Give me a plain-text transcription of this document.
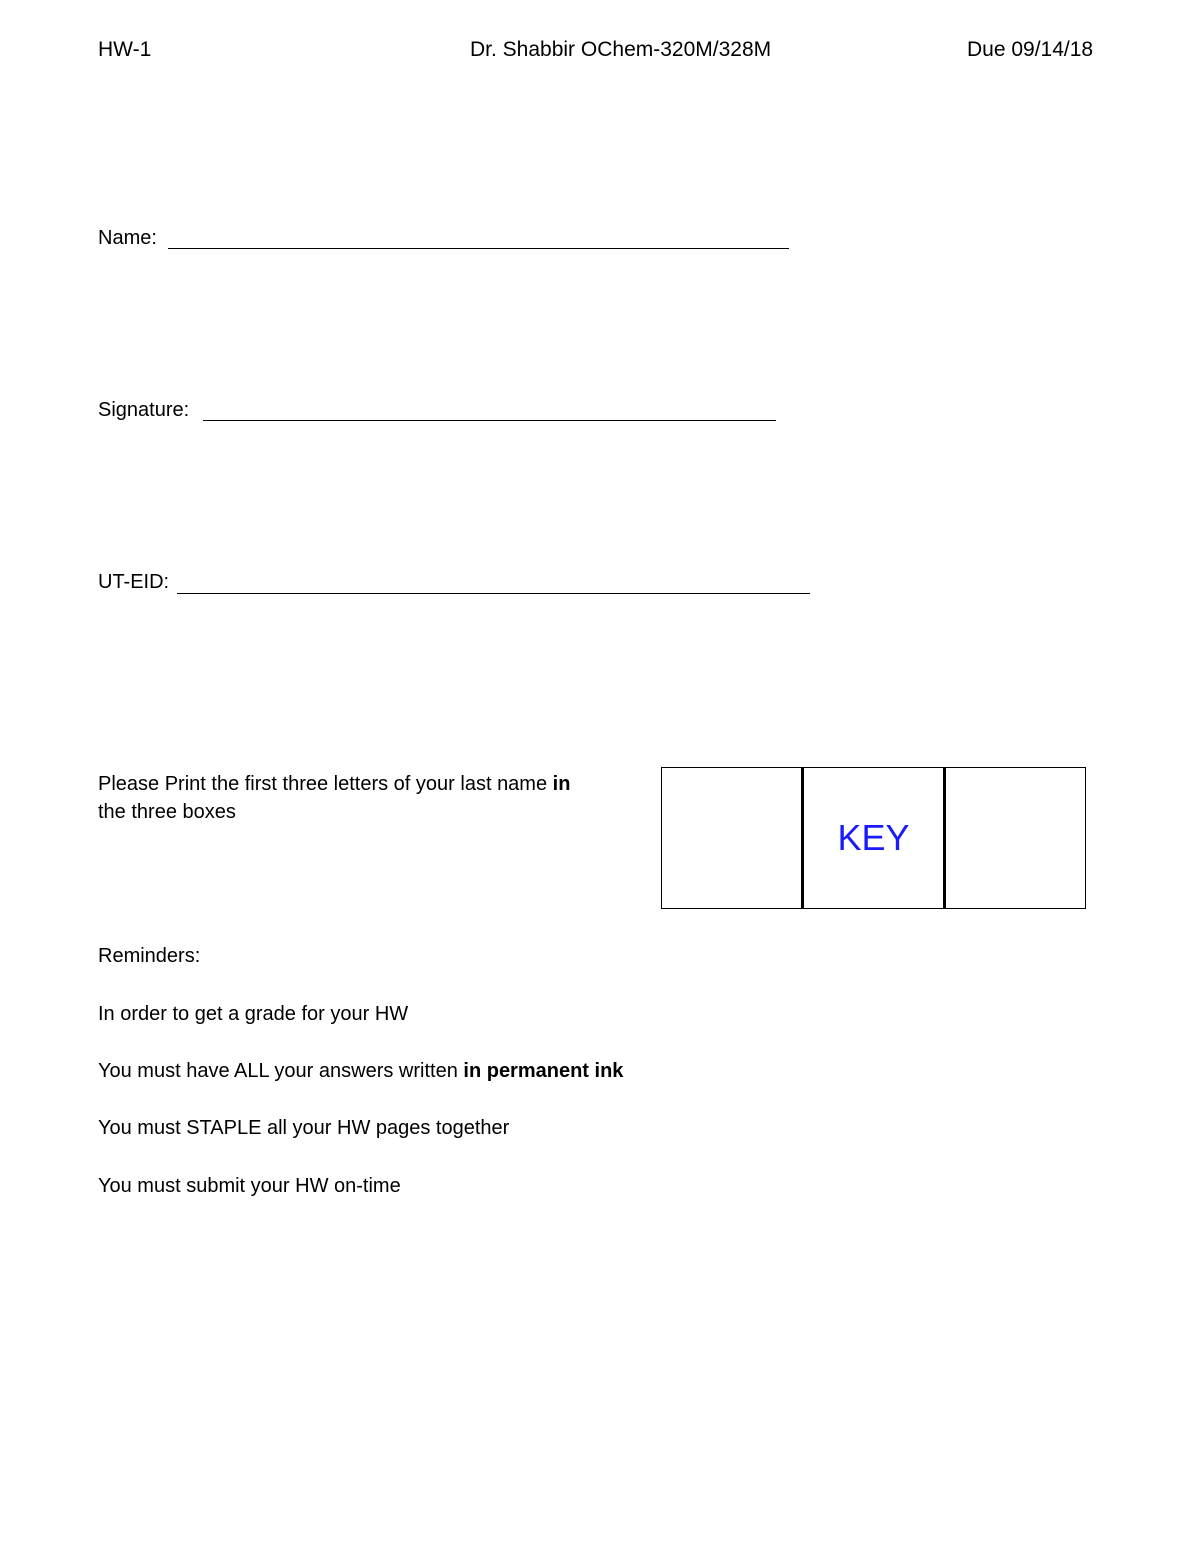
HW-1	Dr. Shabbir OChem-320M/328M	Due 09/14/18
Name:
Signature:
UT-EID:
Please Print the first three letters of your last name in
the three boxes
KEY
Reminders:
In order to get a grade for your HW
You must have ALL your answers written in permanent ink
You must STAPLE all your HW pages together
You must submit your HW on-time
